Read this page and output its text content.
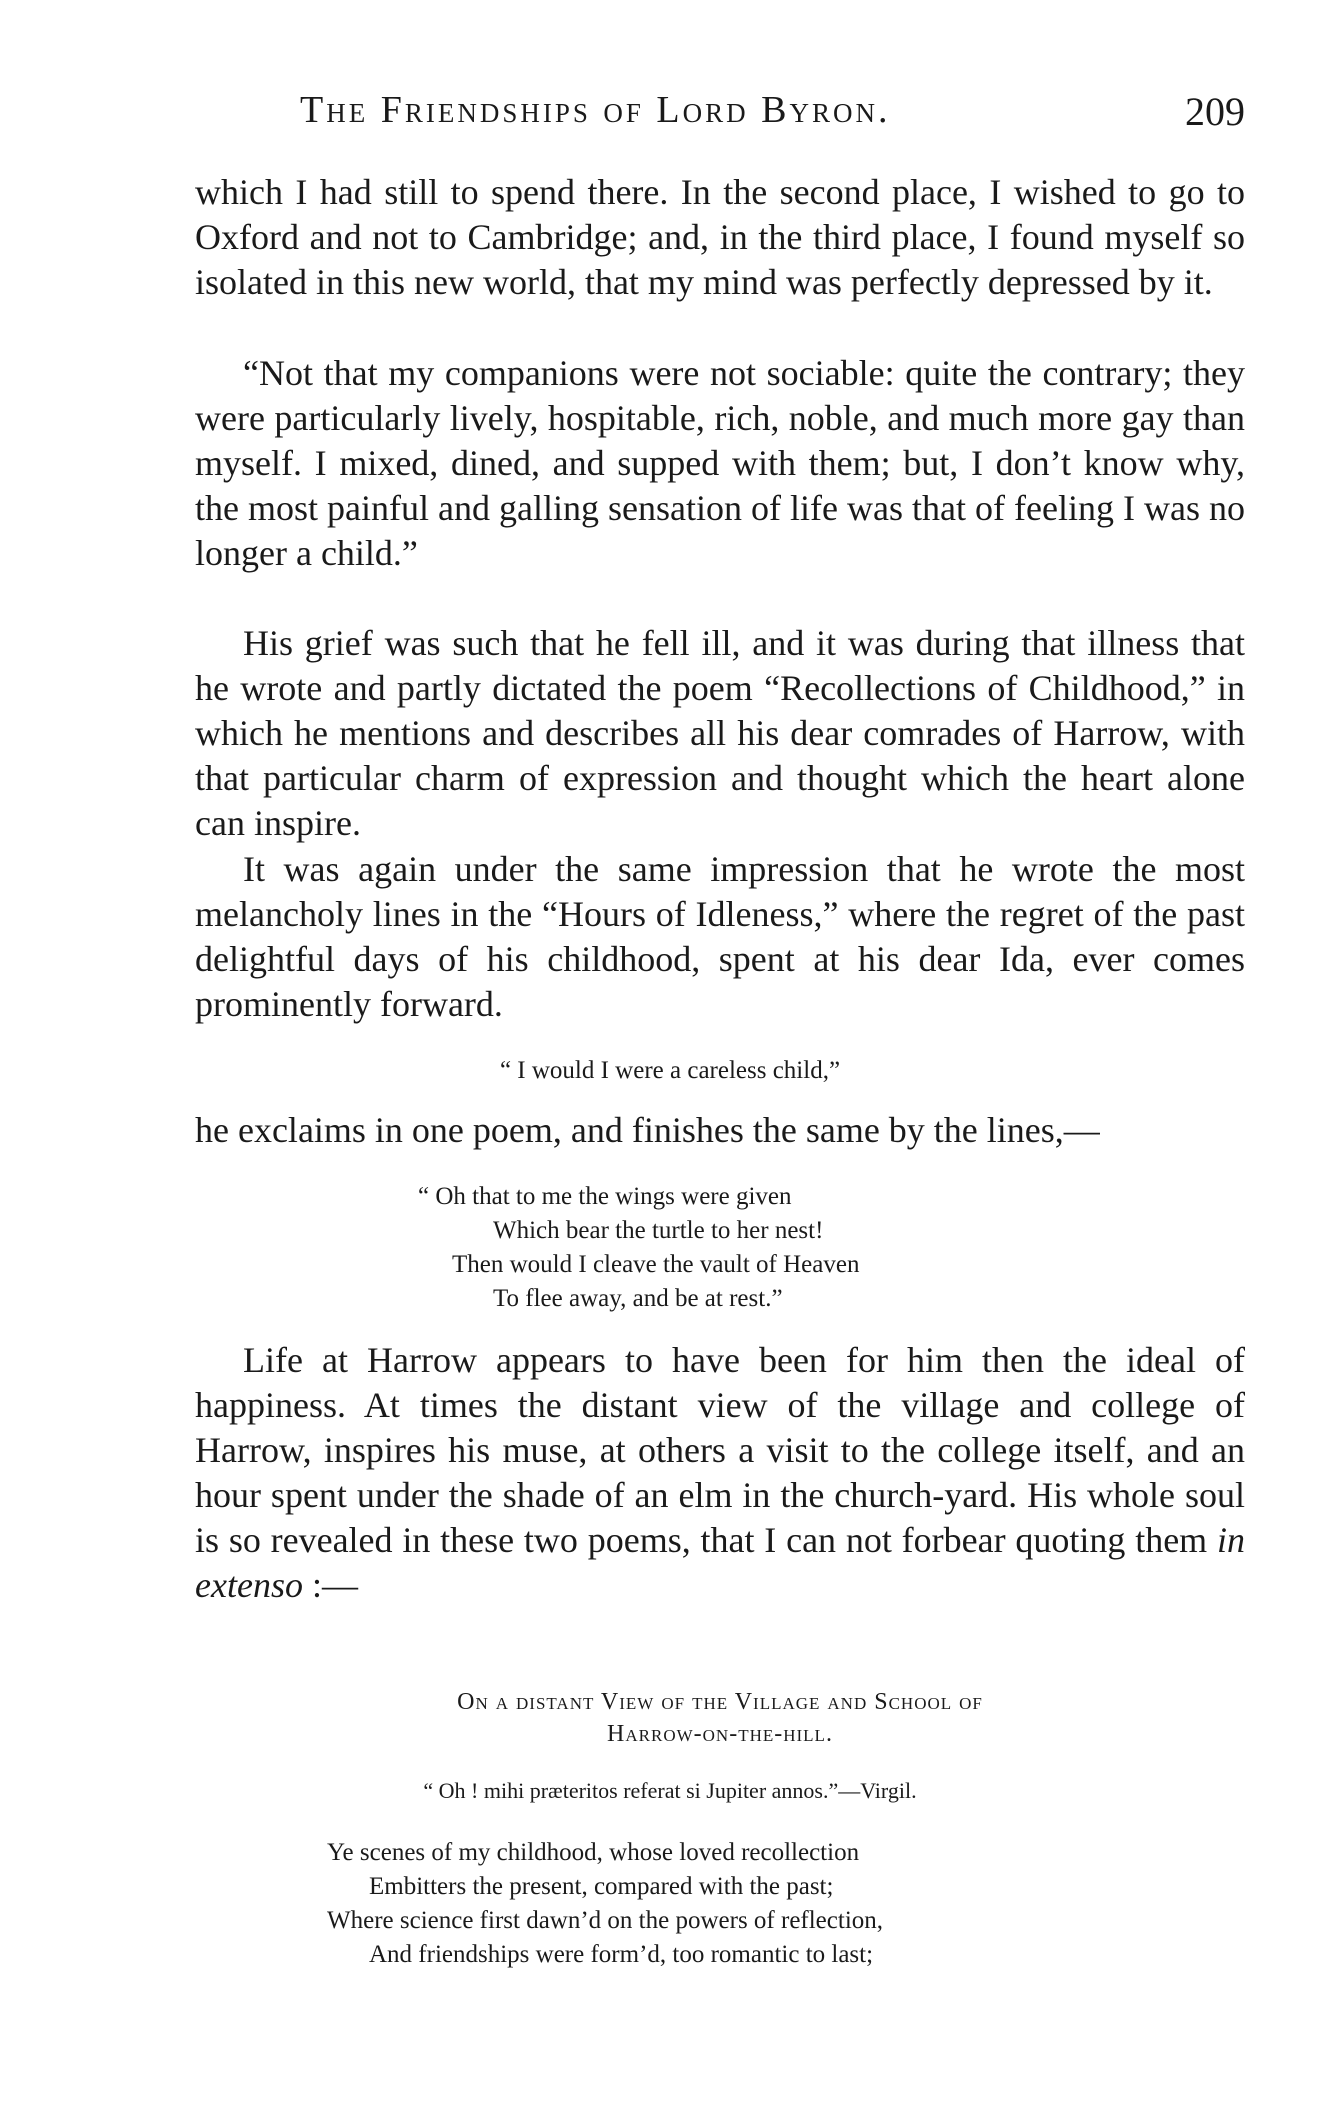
The Friendships of Lord Byron.	209

which I had still to spend there. In the second place, I wished to go to Oxford and not to Cambridge; and, in the third place, I found myself so isolated in this new world, that my mind was perfectly depressed by it.

“Not that my companions were not sociable: quite the contrary; they were particularly lively, hospitable, rich, noble, and much more gay than myself. I mixed, dined, and supped with them; but, I don’t know why, the most painful and galling sensation of life was that of feeling I was no longer a child.”

His grief was such that he fell ill, and it was during that illness that he wrote and partly dictated the poem “Recollections of Childhood,” in which he mentions and describes all his dear comrades of Harrow, with that particular charm of expression and thought which the heart alone can inspire.

It was again under the same impression that he wrote the most melancholy lines in the “Hours of Idleness,” where the regret of the past delightful days of his childhood, spent at his dear Ida, ever comes prominently forward.

“ I would I were a careless child,”

he exclaims in one poem, and finishes the same by the lines,—

“ Oh that to me the wings were given
Which bear the turtle to her nest!
Then would I cleave the vault of Heaven
To flee away, and be at rest.”

Life at Harrow appears to have been for him then the ideal of happiness. At times the distant view of the village and college of Harrow, inspires his muse, at others a visit to the college itself, and an hour spent under the shade of an elm in the church-yard. His whole soul is so revealed in these two poems, that I can not forbear quoting them in extenso :—

On a distant View of the Village and School of
Harrow-on-the-hill.
“ Oh ! mihi præteritos referat si Jupiter annos.”—Virgil.
Ye scenes of my childhood, whose loved recollection
Embitters the present, compared with the past;
Where science first dawn’d on the powers of reflection,
And friendships were form’d, too romantic to last;
